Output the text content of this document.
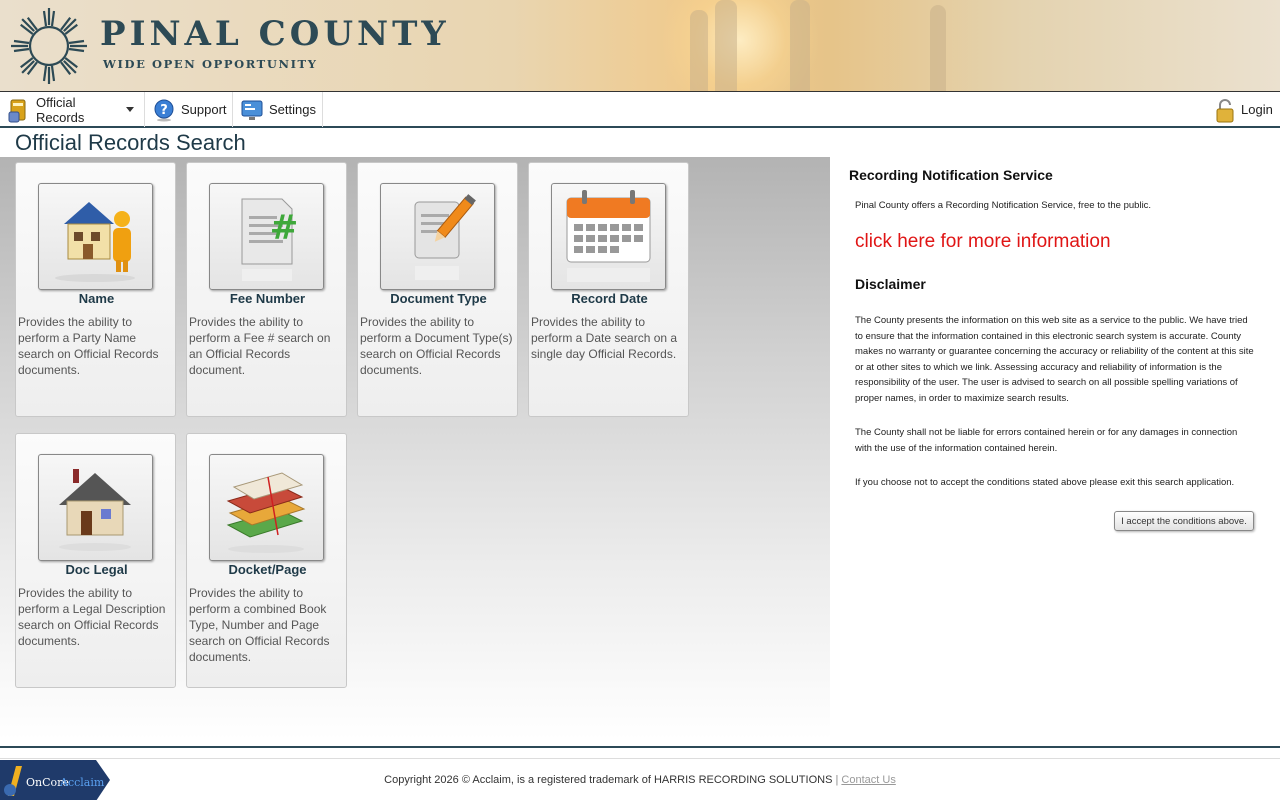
PINAL COUNTY
WIDE OPEN OPPORTUNITY
Official Records	? Support	Settings	Login
Official Records Search
Name
Provides the ability to perform a Party Name search on Official Records documents.
#
Fee Number
Provides the ability to perform a Fee # search on an Official Records document.
Document Type
Provides the ability to perform a Document Type(s) search on Official Records documents.
Record Date
Provides the ability to perform a Date search on a single day Official Records.
Doc Legal
Provides the ability to perform a Legal Description search on Official Records documents.
Docket/Page
Provides the ability to perform a combined Book Type, Number and Page search on Official Records documents.
Recording Notification Service
Pinal County offers a Recording Notification Service, free to the public.
click here for more information
Disclaimer
The County presents the information on this web site as a service to the public. We have tried to ensure that the information contained in this electronic search system is accurate. County makes no warranty or guarantee concerning the accuracy or reliability of the content at this site or at other sites to which we link. Assessing accuracy and reliability of information is the responsibility of the user. The user is advised to search on all possible spelling variations of proper names, in order to maximize search results.
The County shall not be liable for errors contained herein or for any damages in connection with the use of the information contained herein.
If you choose not to accept the conditions stated above please exit this search application.
I accept the conditions above.
OnCore
Acclaim	Copyright 2026 © Acclaim, is a registered trademark of HARRIS RECORDING SOLUTIONS | Contact Us
